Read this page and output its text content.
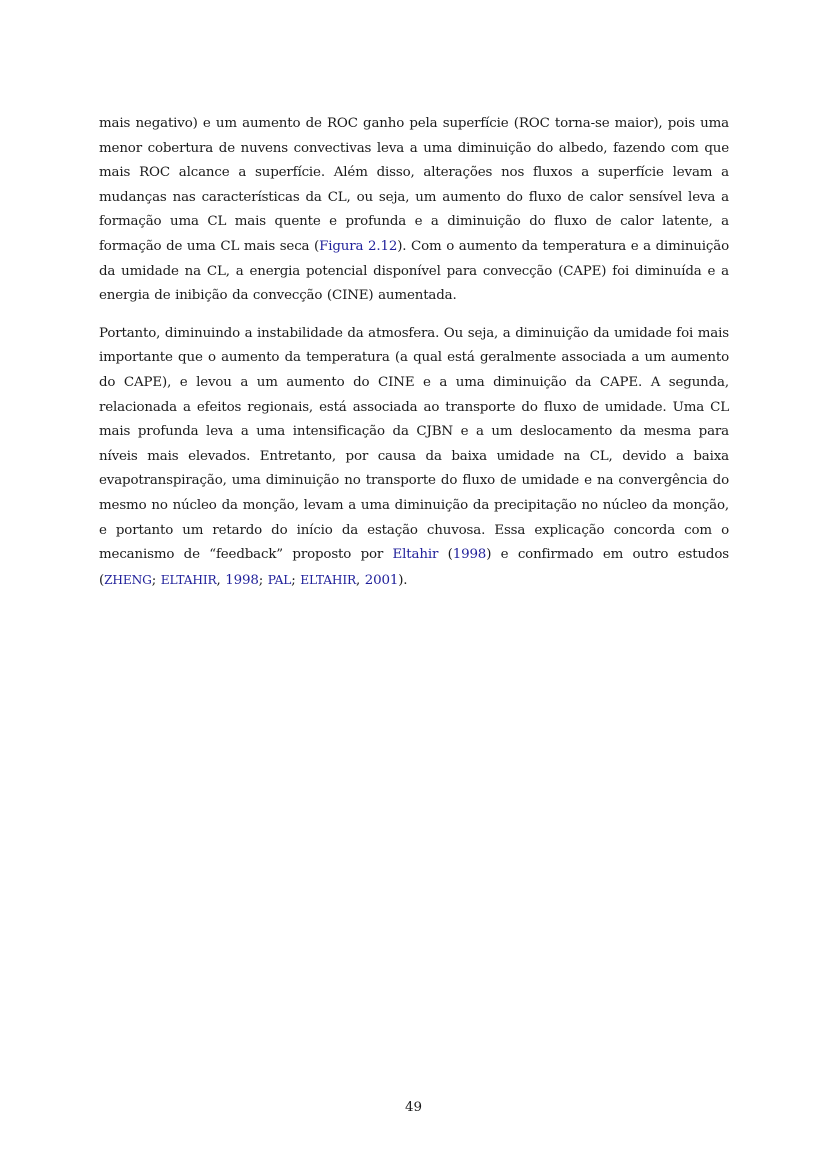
mais negativo) e um aumento de ROC ganho pela superfície (ROC torna-se maior), pois uma menor cobertura de nuvens convectivas leva a uma diminuição do albedo, fazendo com que mais ROC alcance a superfície. Além disso, alterações nos fluxos a superfície levam a mudanças nas características da CL, ou seja, um aumento do fluxo de calor sensível leva a formação uma CL mais quente e profunda e a diminuição do fluxo de calor latente, a formação de uma CL mais seca (Figura 2.12). Com o aumento da temperatura e a diminuição da umidade na CL, a energia potencial disponível para convecção (CAPE) foi diminuída e a energia de inibição da convecção (CINE) aumentada.

Portanto, diminuindo a instabilidade da atmosfera. Ou seja, a diminuição da umidade foi mais importante que o aumento da temperatura (a qual está geralmente associada a um aumento do CAPE), e levou a um aumento do CINE e a uma diminuição da CAPE. A segunda, relacionada a efeitos regionais, está associada ao transporte do fluxo de umidade. Uma CL mais profunda leva a uma intensificação da CJBN e a um deslocamento da mesma para níveis mais elevados. Entretanto, por causa da baixa umidade na CL, devido a baixa evapotranspiração, uma diminuição no transporte do fluxo de umidade e na convergência do mesmo no núcleo da monção, levam a uma diminuição da precipitação no núcleo da monção, e portanto um retardo do início da estação chuvosa. Essa explicação concorda com o mecanismo de “feedback” proposto por Eltahir (1998) e confirmado em outro estudos (ZHENG; ELTAHIR, 1998; PAL; ELTAHIR, 2001).

49
